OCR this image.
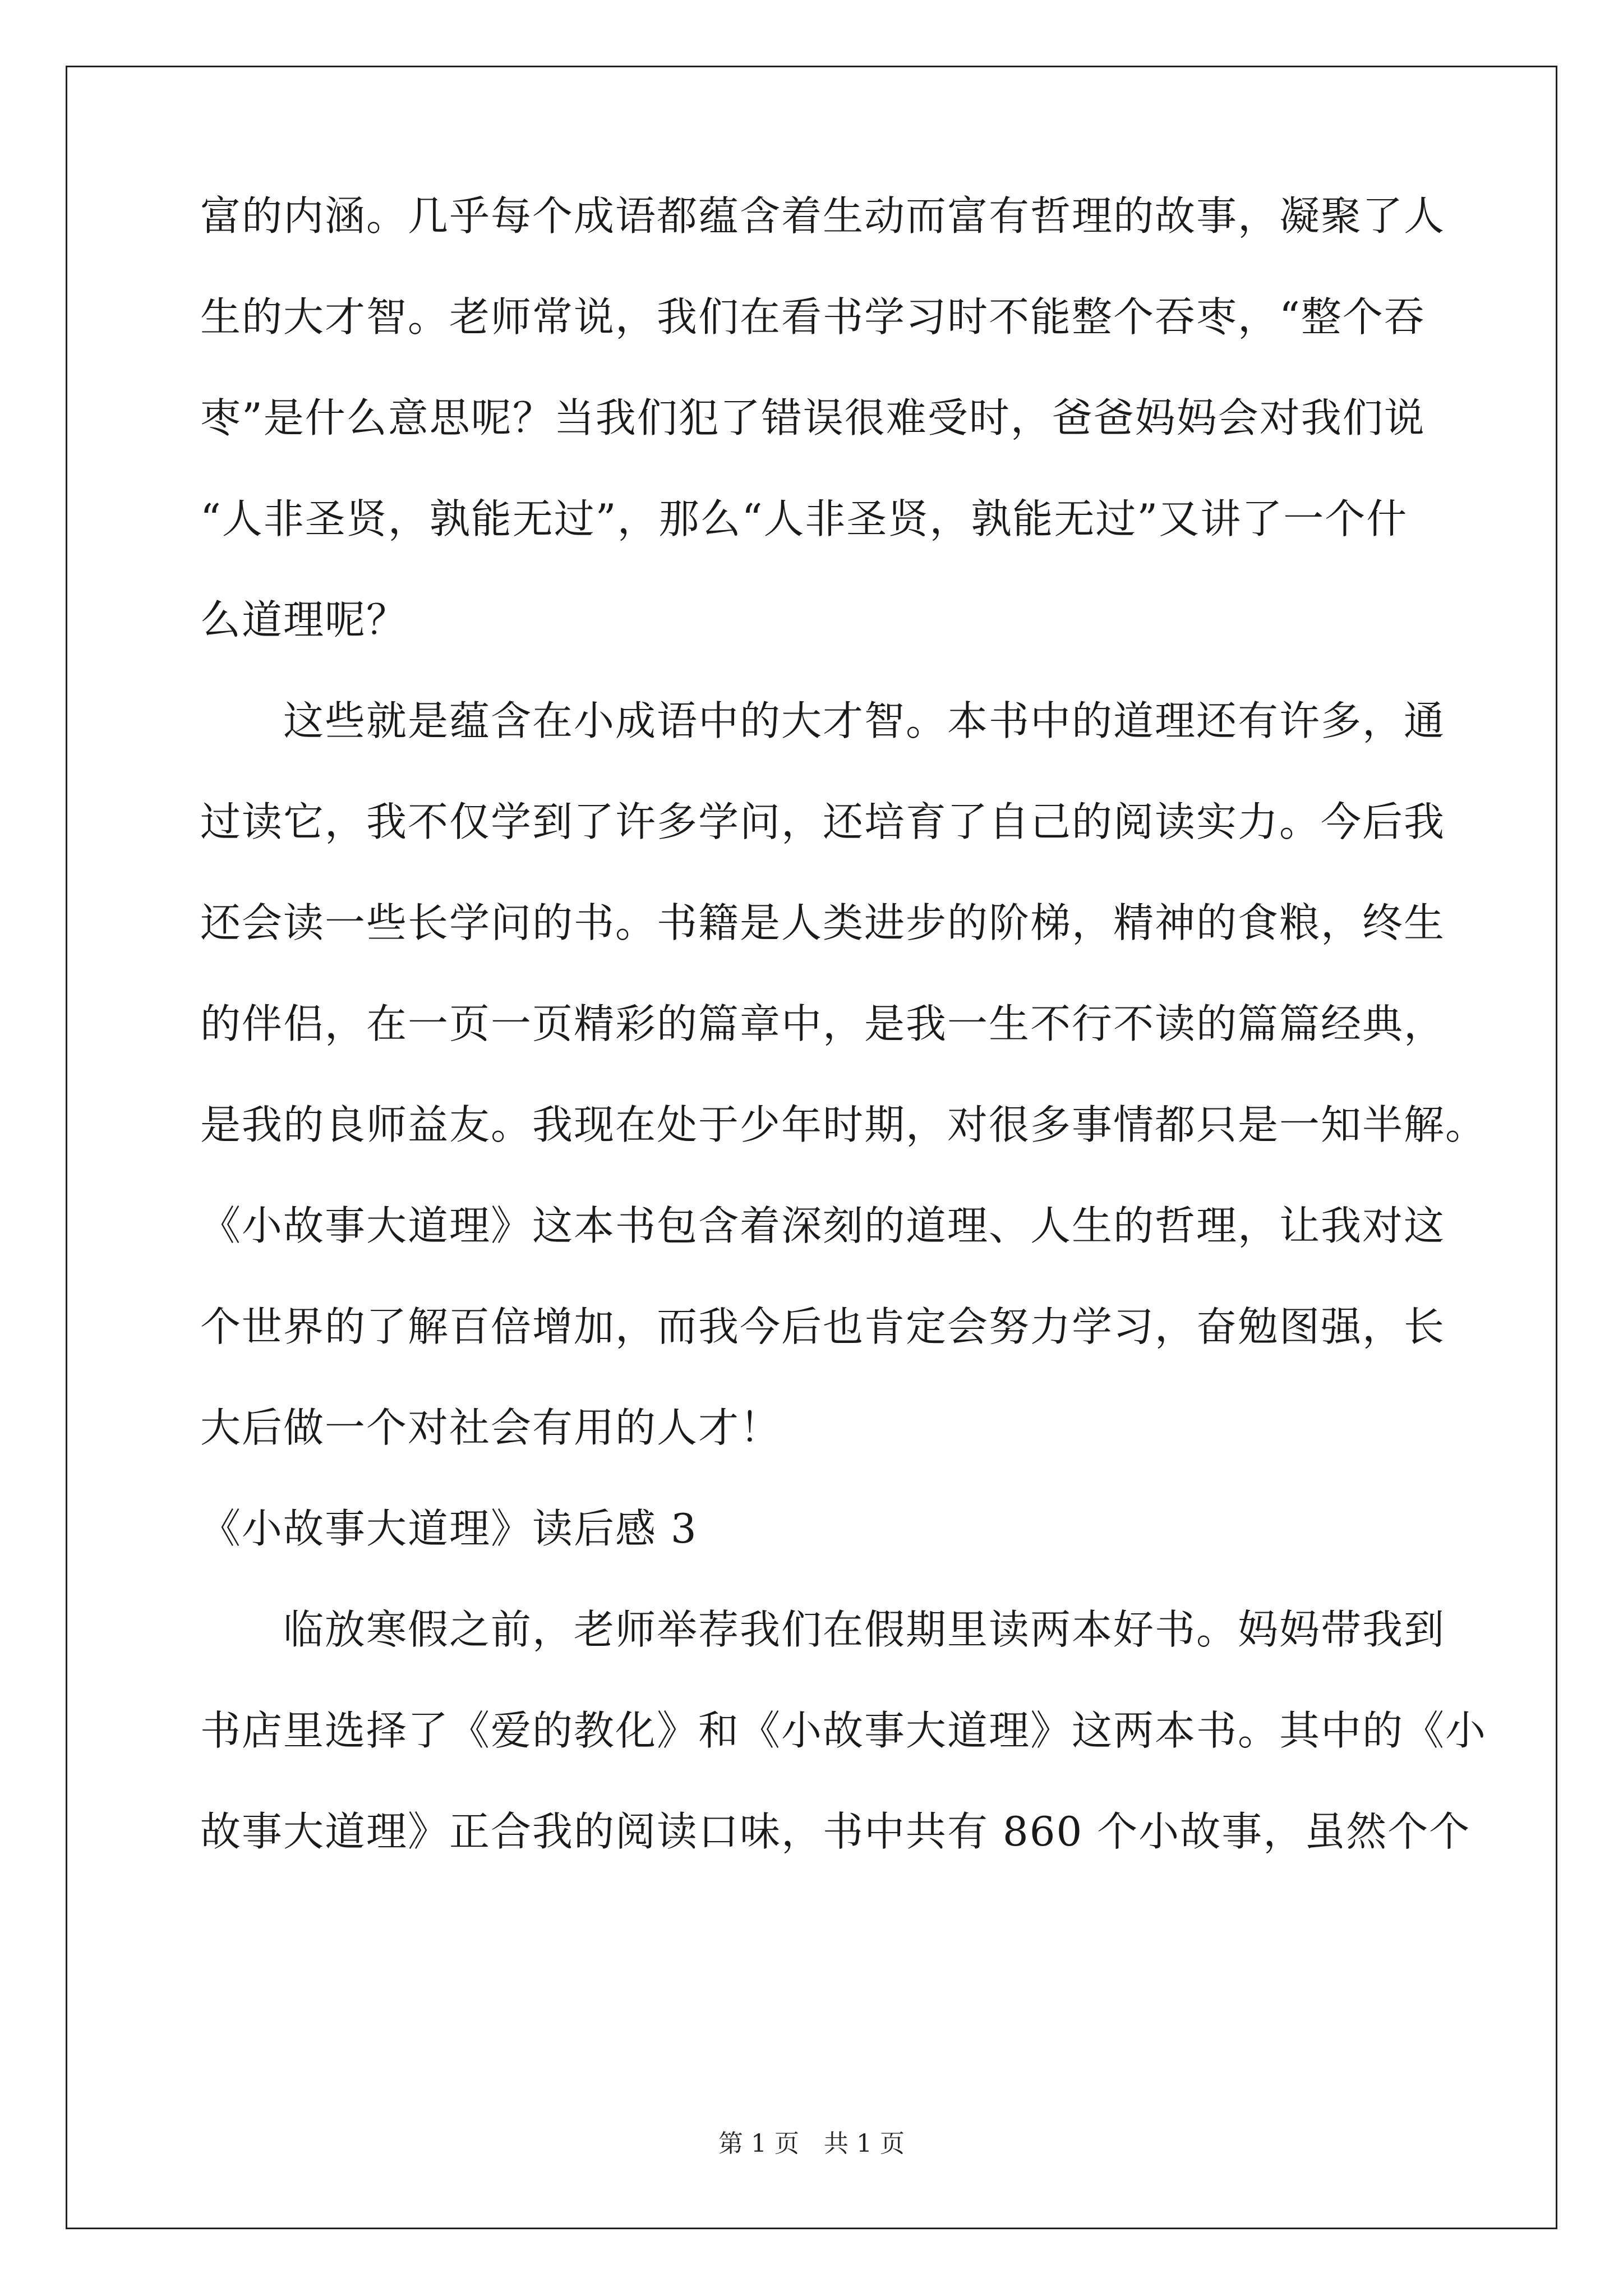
富的内涵。几乎每个成语都蕴含着生动而富有哲理的故事，凝聚了人
生的大才智。老师常说，我们在看书学习时不能整个吞枣，“整个吞
枣”是什么意思呢？当我们犯了错误很难受时，爸爸妈妈会对我们说
“人非圣贤，孰能无过”，那么“人非圣贤，孰能无过”又讲了一个什
么道理呢？
　　这些就是蕴含在小成语中的大才智。本书中的道理还有许多，通
过读它，我不仅学到了许多学问，还培育了自己的阅读实力。今后我
还会读一些长学问的书。书籍是人类进步的阶梯，精神的食粮，终生
的伴侣，在一页一页精彩的篇章中，是我一生不行不读的篇篇经典，
是我的良师益友。我现在处于少年时期，对很多事情都只是一知半解。
《小故事大道理》这本书包含着深刻的道理、人生的哲理，让我对这
个世界的了解百倍增加，而我今后也肯定会努力学习，奋勉图强，长
大后做一个对社会有用的人才！
《小故事大道理》读后感 3
　　临放寒假之前，老师举荐我们在假期里读两本好书。妈妈带我到
书店里选择了《爱的教化》和《小故事大道理》这两本书。其中的《小
故事大道理》正合我的阅读口味，书中共有 860 个小故事，虽然个个
第 1 页　共 1 页
